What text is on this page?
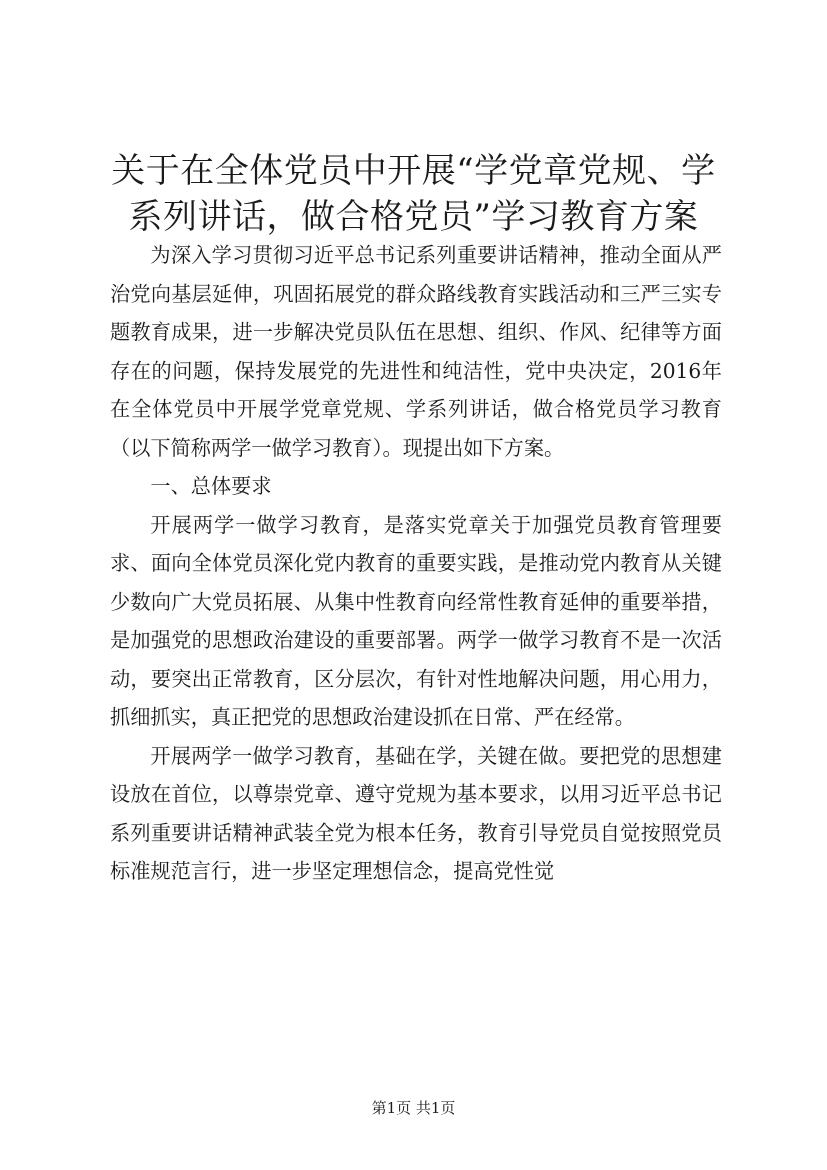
关于在全体党员中开展“学党章党规、学系列讲话，做合格党员”学习教育方案

为深入学习贯彻习近平总书记系列重要讲话精神，推动全面从严治党向基层延伸，巩固拓展党的群众路线教育实践活动和三严三实专题教育成果，进一步解决党员队伍在思想、组织、作风、纪律等方面存在的问题，保持发展党的先进性和纯洁性，党中央决定，2016年在全体党员中开展学党章党规、学系列讲话，做合格党员学习教育（以下简称两学一做学习教育）。现提出如下方案。

一、总体要求

开展两学一做学习教育，是落实党章关于加强党员教育管理要求、面向全体党员深化党内教育的重要实践，是推动党内教育从关键少数向广大党员拓展、从集中性教育向经常性教育延伸的重要举措，是加强党的思想政治建设的重要部署。两学一做学习教育不是一次活动，要突出正常教育，区分层次，有针对性地解决问题，用心用力，抓细抓实，真正把党的思想政治建设抓在日常、严在经常。

开展两学一做学习教育，基础在学，关键在做。要把党的思想建设放在首位，以尊崇党章、遵守党规为基本要求，以用习近平总书记系列重要讲话精神武装全党为根本任务，教育引导党员自觉按照党员标准规范言行，进一步坚定理想信念，提高党性觉

第1页 共1页
